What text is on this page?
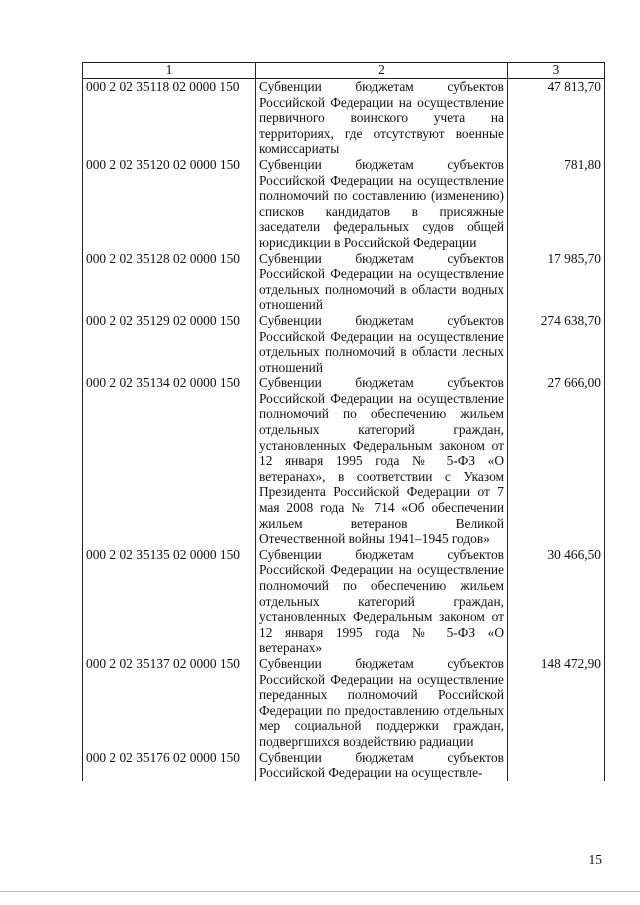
1	2	3
000 2 02 35118 02 0000 150	Субвенции бюджетам субъектов Российской Федерации на осуществление первичного воинского учета на территориях, где отсутствуют военные комиссариаты	47 813,70
000 2 02 35120 02 0000 150	Субвенции бюджетам субъектов Российской Федерации на осуществление полномочий по составлению (изменению) списков кандидатов в присяжные заседатели федеральных судов общей юрисдикции в Российской Федерации	781,80
000 2 02 35128 02 0000 150	Субвенции бюджетам субъектов Российской Федерации на осуществление отдельных полномочий в области водных отношений	17 985,70
000 2 02 35129 02 0000 150	Субвенции бюджетам субъектов Российской Федерации на осуществление отдельных полномочий в области лесных отношений	274 638,70
000 2 02 35134 02 0000 150	Субвенции бюджетам субъектов Российской Федерации на осуществление полномочий по обеспечению жильем отдельных категорий граждан, установленных Федеральным законом от 12 января 1995 года № 5-ФЗ «О ветеранах», в соответствии с Указом Президента Российской Федерации от 7 мая 2008 года № 714 «Об обеспечении жильем ветеранов Великой Отечественной войны 1941–1945 годов»	27 666,00
000 2 02 35135 02 0000 150	Субвенции бюджетам субъектов Российской Федерации на осуществление полномочий по обеспечению жильем отдельных категорий граждан, установленных Федеральным законом от 12 января 1995 года № 5-ФЗ «О ветеранах»	30 466,50
000 2 02 35137 02 0000 150	Субвенции бюджетам субъектов Российской Федерации на осуществление переданных полномочий Российской Федерации по предоставлению отдельных мер социальной поддержки граждан, подвергшихся воздействию радиации	148 472,90
000 2 02 35176 02 0000 150	Субвенции бюджетам субъектов Российской Федерации на осуществле-	
15
